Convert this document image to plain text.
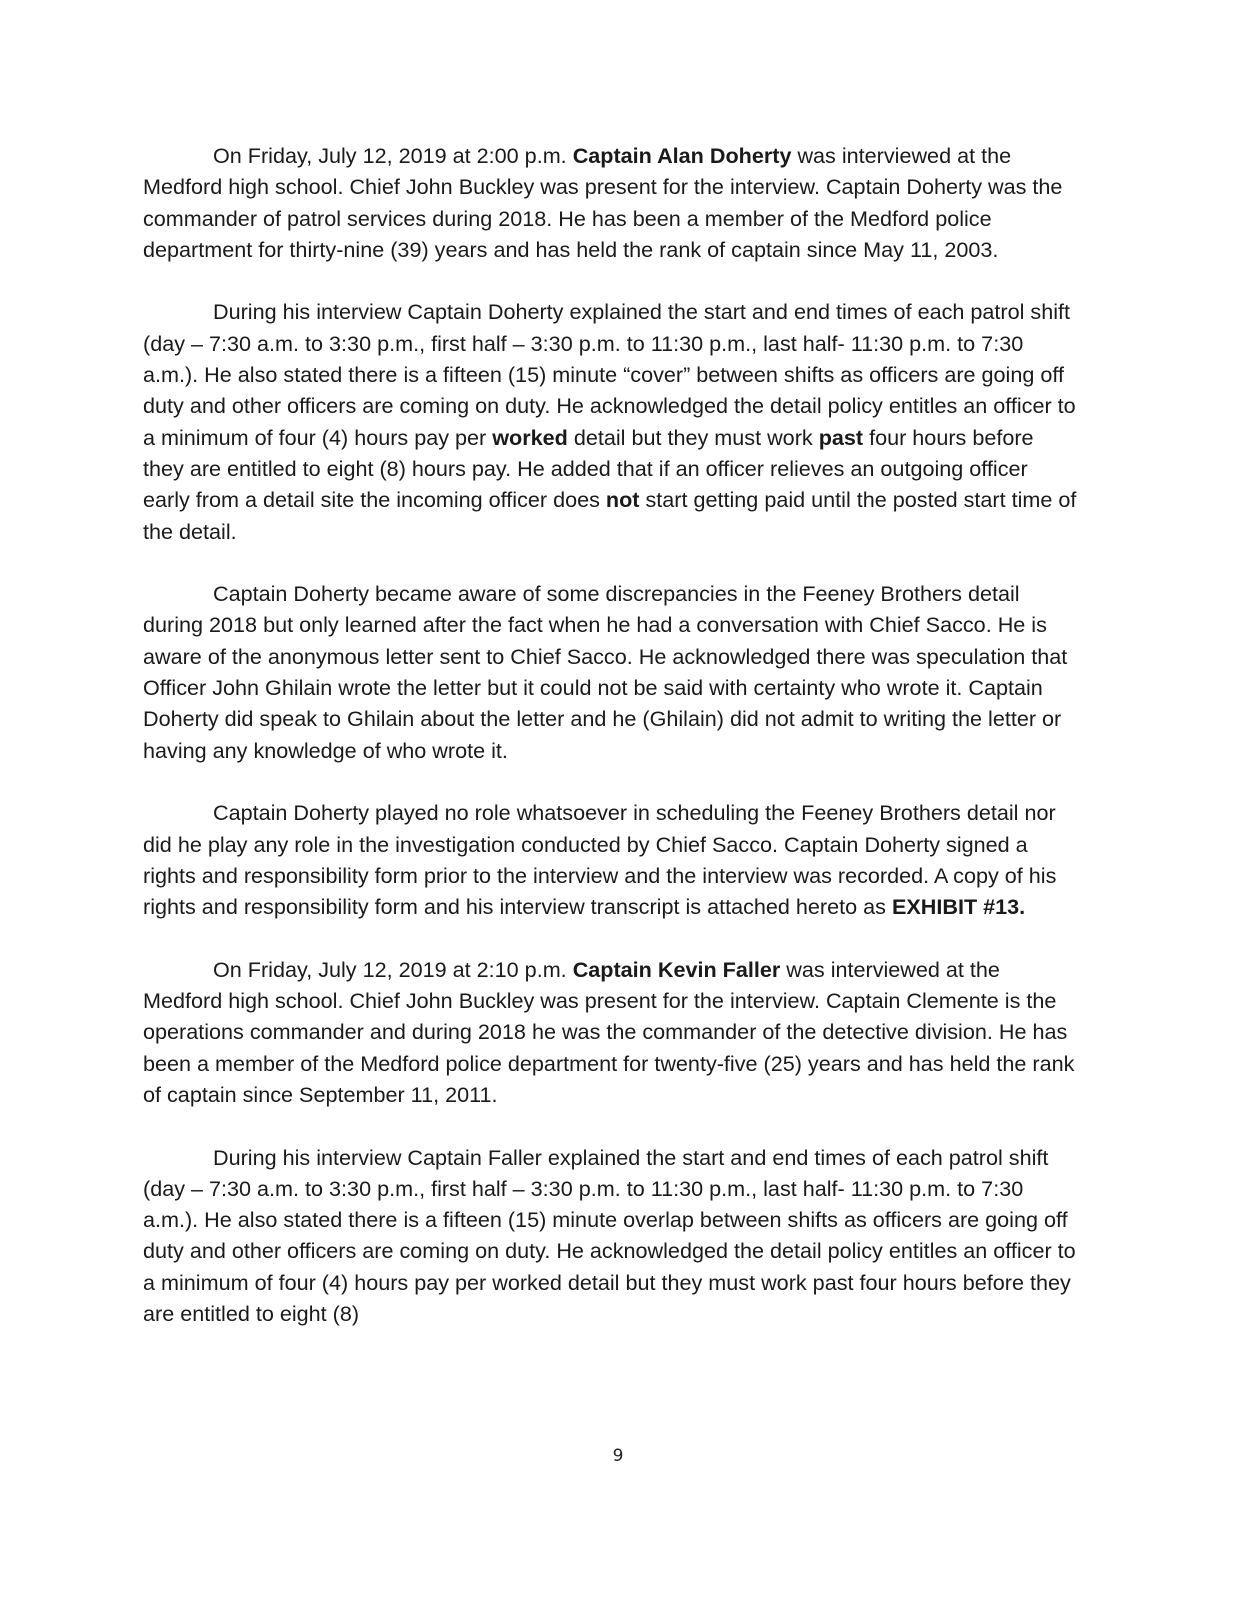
On Friday, July 12, 2019 at 2:00 p.m. Captain Alan Doherty was interviewed at the Medford high school. Chief John Buckley was present for the interview. Captain Doherty was the commander of patrol services during 2018. He has been a member of the Medford police department for thirty-nine (39) years and has held the rank of captain since May 11, 2003.

During his interview Captain Doherty explained the start and end times of each patrol shift (day – 7:30 a.m. to 3:30 p.m., first half – 3:30 p.m. to 11:30 p.m., last half- 11:30 p.m. to 7:30 a.m.). He also stated there is a fifteen (15) minute “cover” between shifts as officers are going off duty and other officers are coming on duty. He acknowledged the detail policy entitles an officer to a minimum of four (4) hours pay per worked detail but they must work past four hours before they are entitled to eight (8) hours pay. He added that if an officer relieves an outgoing officer early from a detail site the incoming officer does not start getting paid until the posted start time of the detail.

Captain Doherty became aware of some discrepancies in the Feeney Brothers detail during 2018 but only learned after the fact when he had a conversation with Chief Sacco. He is aware of the anonymous letter sent to Chief Sacco. He acknowledged there was speculation that Officer John Ghilain wrote the letter but it could not be said with certainty who wrote it. Captain Doherty did speak to Ghilain about the letter and he (Ghilain) did not admit to writing the letter or having any knowledge of who wrote it.

Captain Doherty played no role whatsoever in scheduling the Feeney Brothers detail nor did he play any role in the investigation conducted by Chief Sacco. Captain Doherty signed a rights and responsibility form prior to the interview and the interview was recorded. A copy of his rights and responsibility form and his interview transcript is attached hereto as EXHIBIT #13.

On Friday, July 12, 2019 at 2:10 p.m. Captain Kevin Faller was interviewed at the Medford high school. Chief John Buckley was present for the interview. Captain Clemente is the operations commander and during 2018 he was the commander of the detective division. He has been a member of the Medford police department for twenty-five (25) years and has held the rank of captain since September 11, 2011.

During his interview Captain Faller explained the start and end times of each patrol shift (day – 7:30 a.m. to 3:30 p.m., first half – 3:30 p.m. to 11:30 p.m., last half- 11:30 p.m. to 7:30 a.m.). He also stated there is a fifteen (15) minute overlap between shifts as officers are going off duty and other officers are coming on duty. He acknowledged the detail policy entitles an officer to a minimum of four (4) hours pay per worked detail but they must work past four hours before they are entitled to eight (8)

9
